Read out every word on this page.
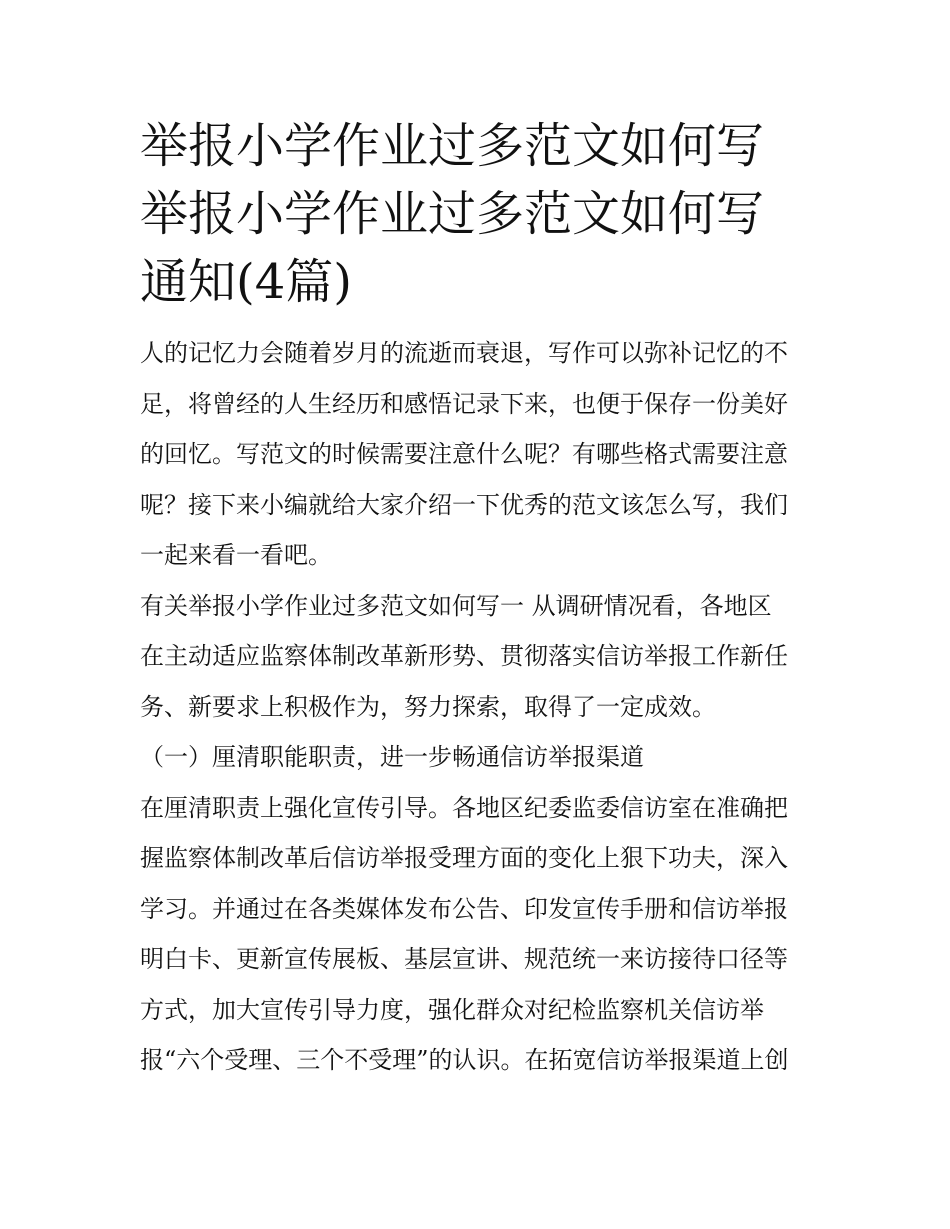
举报小学作业过多范文如何写
举报小学作业过多范文如何写
通知(4篇)
人的记忆力会随着岁月的流逝而衰退，写作可以弥补记忆的不
足，将曾经的人生经历和感悟记录下来，也便于保存一份美好
的回忆。写范文的时候需要注意什么呢？有哪些格式需要注意
呢？接下来小编就给大家介绍一下优秀的范文该怎么写，我们
一起来看一看吧。
有关举报小学作业过多范文如何写一 从调研情况看，各地区
在主动适应监察体制改革新形势、贯彻落实信访举报工作新任
务、新要求上积极作为，努力探索，取得了一定成效。
（一）厘清职能职责，进一步畅通信访举报渠道
在厘清职责上强化宣传引导。各地区纪委监委信访室在准确把
握监察体制改革后信访举报受理方面的变化上狠下功夫，深入
学习。并通过在各类媒体发布公告、印发宣传手册和信访举报
明白卡、更新宣传展板、基层宣讲、规范统一来访接待口径等
方式，加大宣传引导力度，强化群众对纪检监察机关信访举
报“六个受理、三个不受理”的认识。在拓宽信访举报渠道上创
